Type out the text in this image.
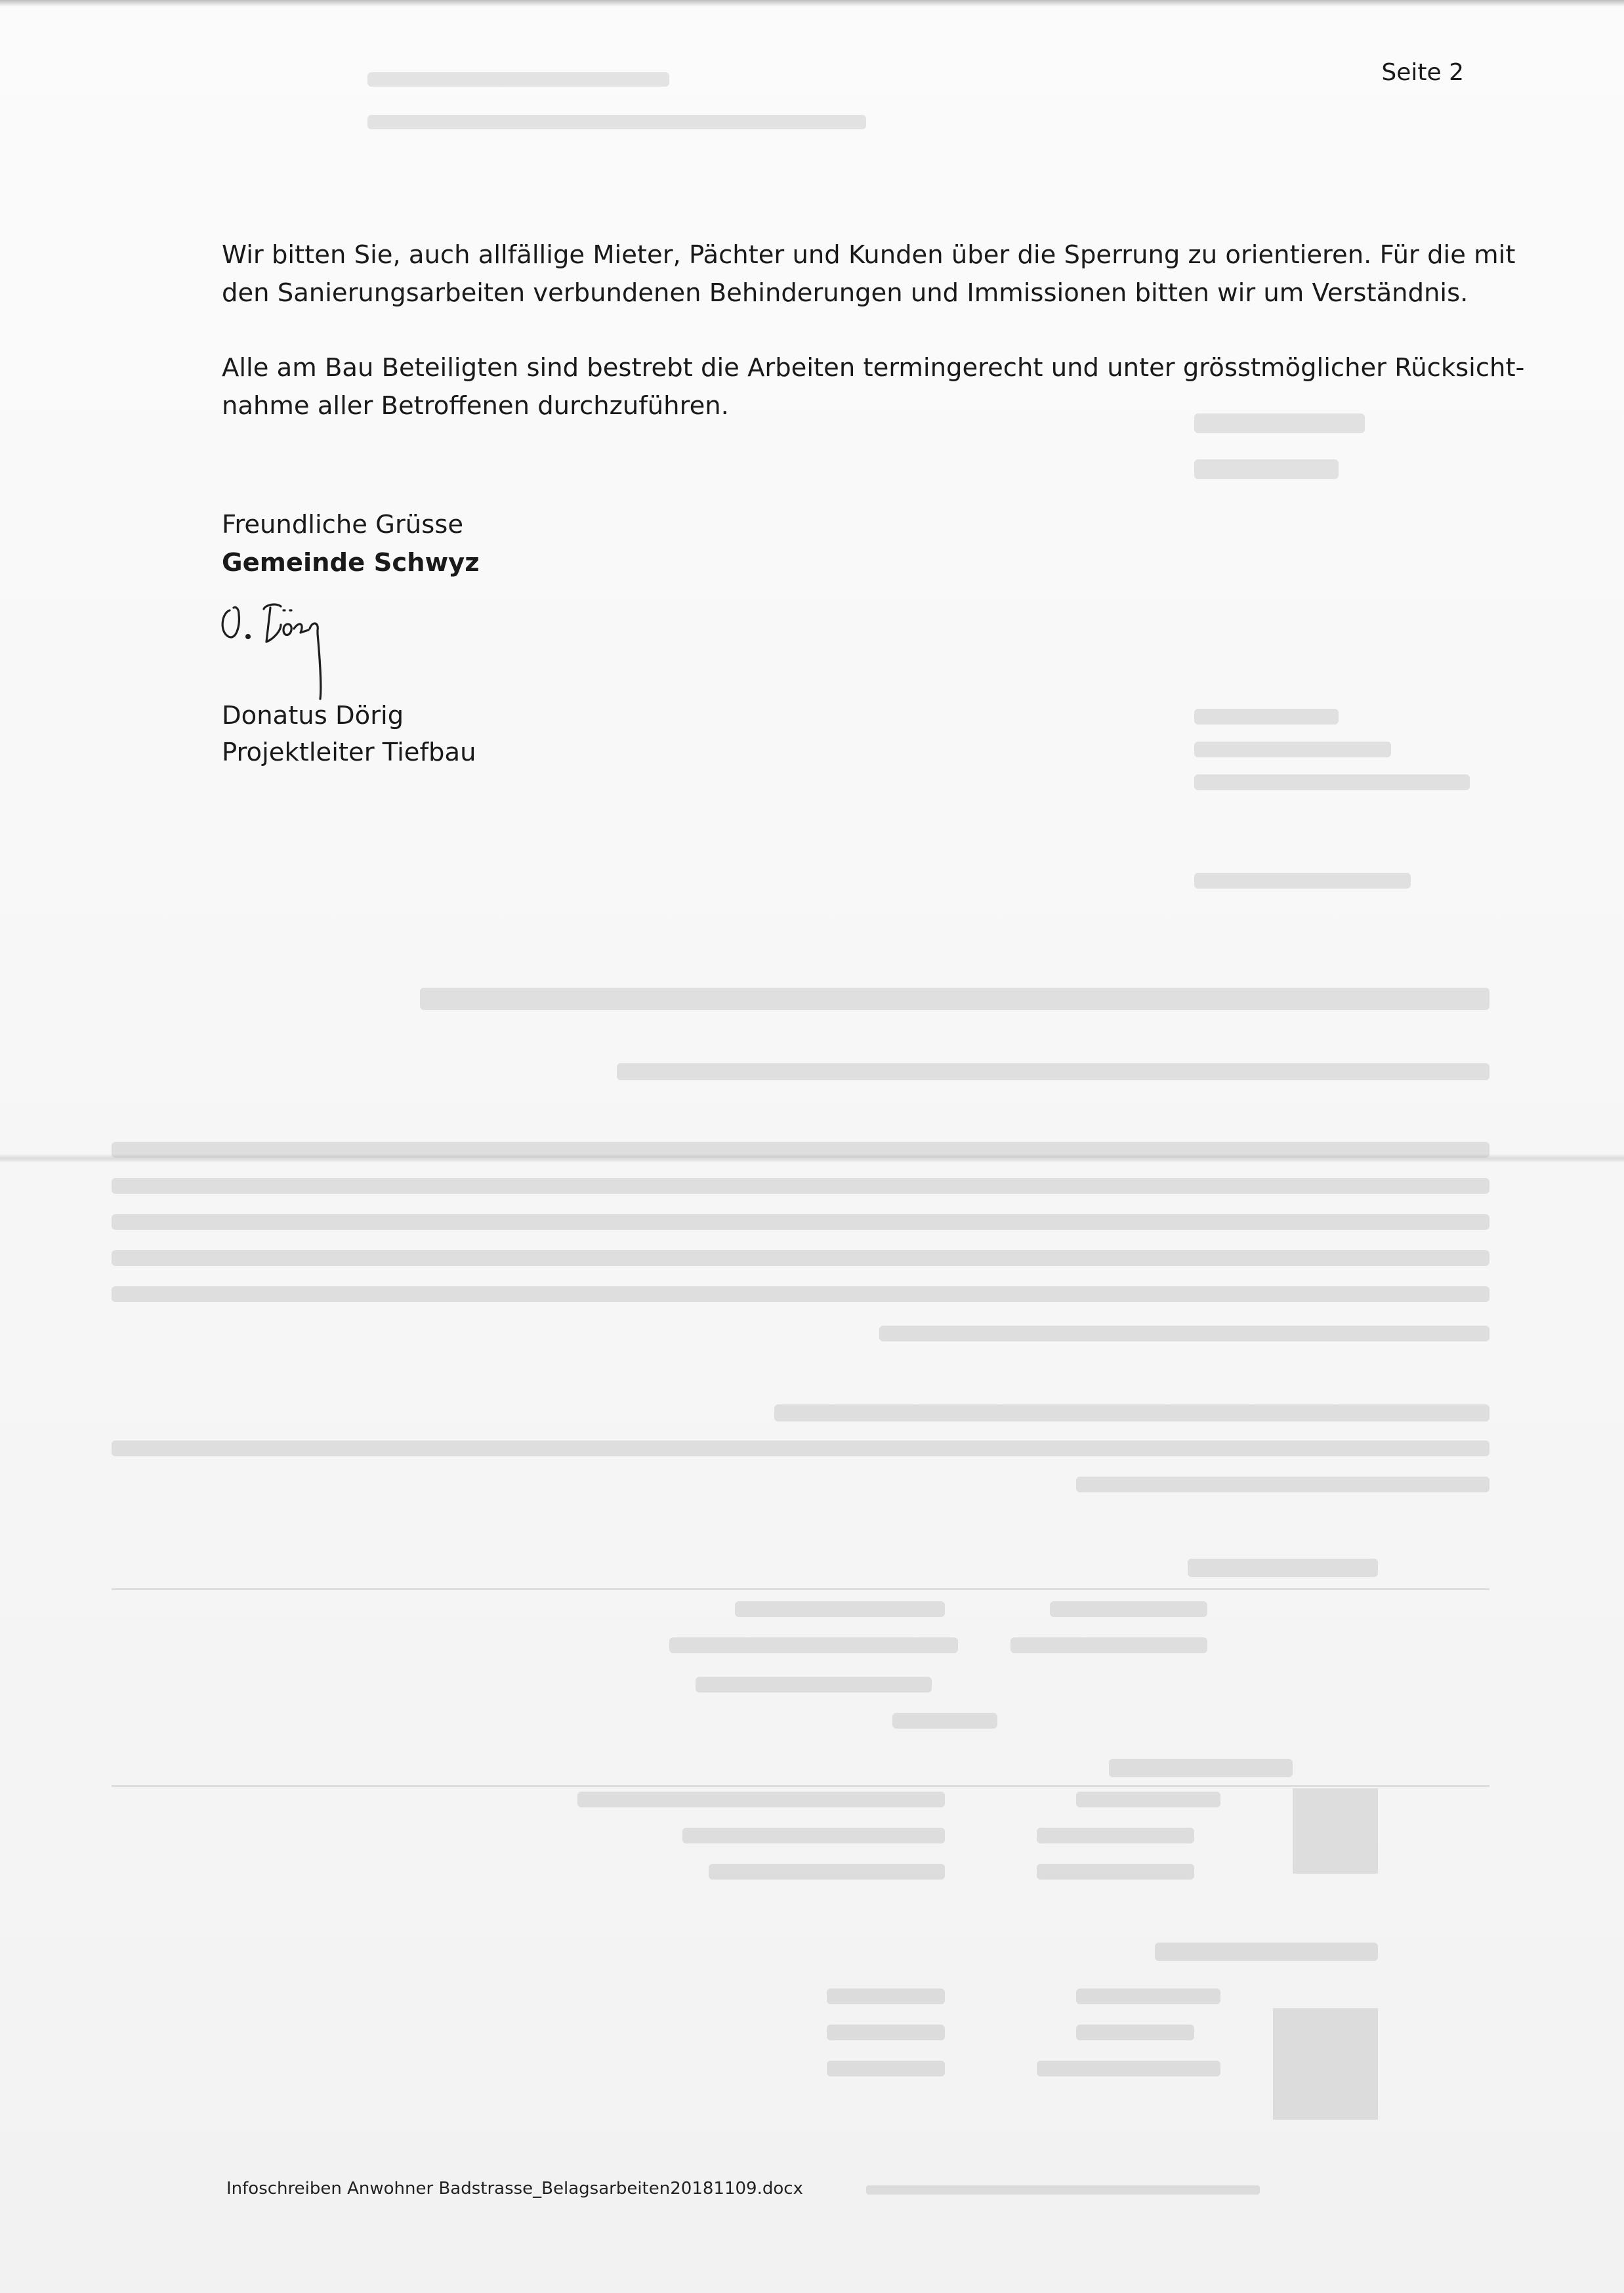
Seite 2

Wir bitten Sie, auch allfällige Mieter, Pächter und Kunden über die Sperrung zu orientieren. Für die mit den Sanierungsarbeiten verbundenen Behinderungen und Immissionen bitten wir um Verständnis.

Alle am Bau Beteiligten sind bestrebt die Arbeiten termingerecht und unter grösstmöglicher Rücksicht-nahme aller Betroffenen durchzuführen.

Freundliche Grüsse
Gemeinde Schwyz
Donatus Dörig
Projektleiter Tiefbau
Infoschreiben Anwohner Badstrasse_Belagsarbeiten20181109.docx
